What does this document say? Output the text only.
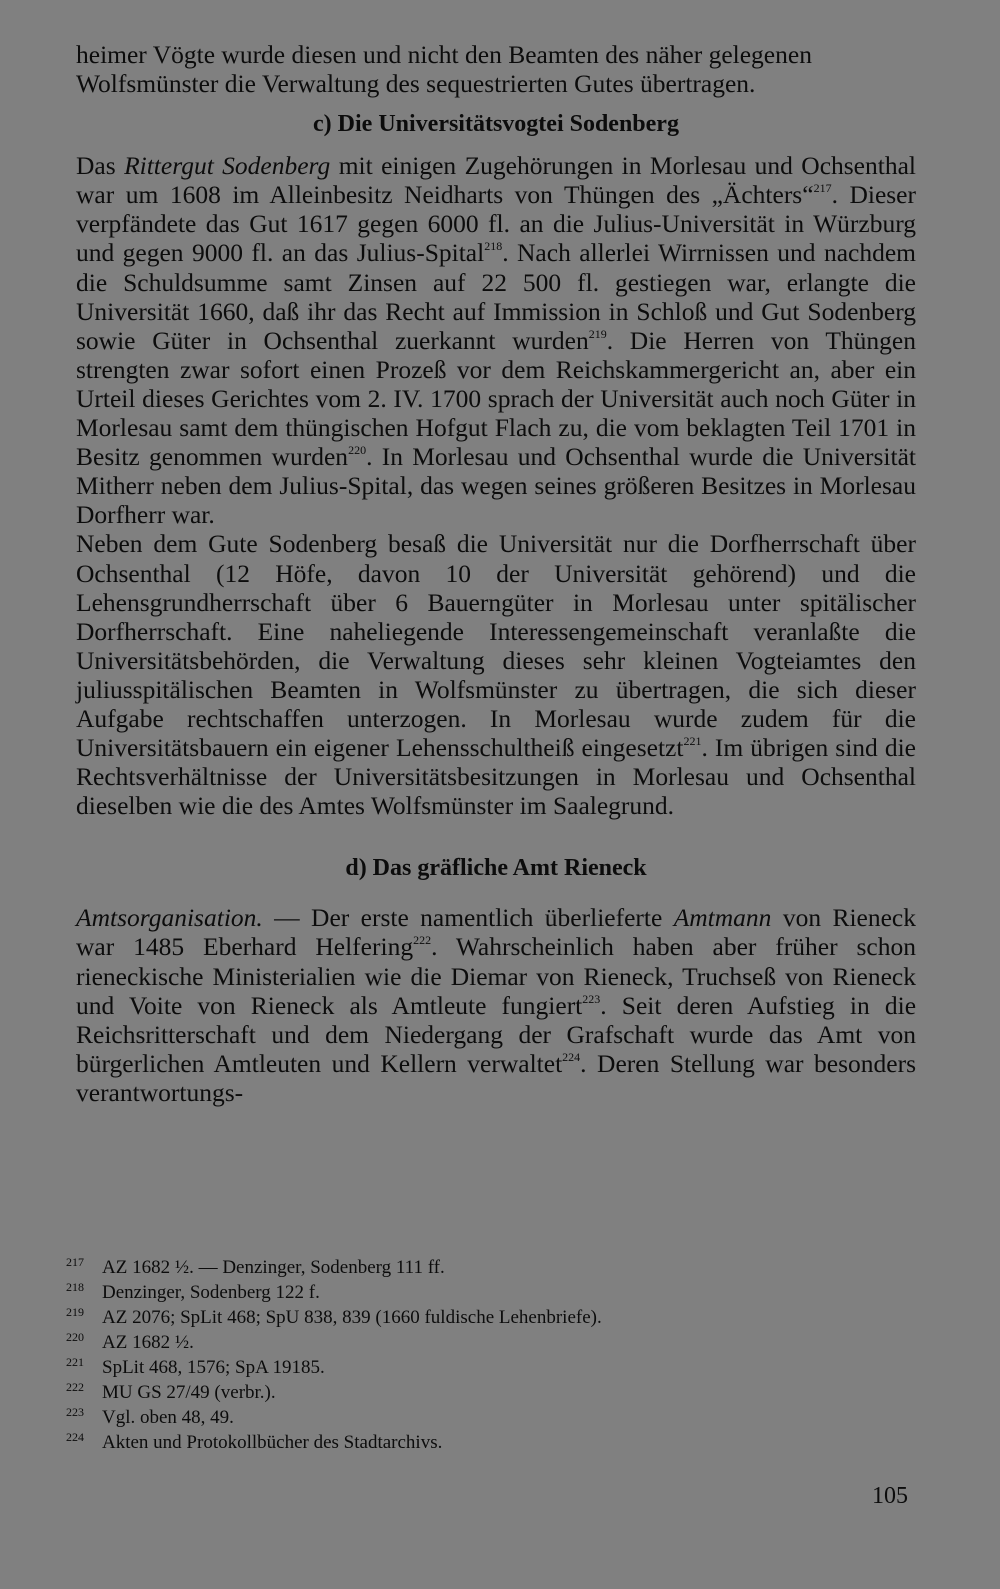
heimer Vögte wurde diesen und nicht den Beamten des näher gelegenen Wolfsmünster die Verwaltung des sequestrierten Gutes übertragen.

c) Die Universitätsvogtei Sodenberg

Das Rittergut Sodenberg mit einigen Zugehörungen in Morlesau und Ochsenthal war um 1608 im Alleinbesitz Neidharts von Thüngen des „Ächters“$^{217}$. Dieser verpfändete das Gut 1617 gegen 6000 fl. an die Julius-Universität in Würzburg und gegen 9000 fl. an das Julius-Spital$^{218}$. Nach allerlei Wirrnissen und nachdem die Schuldsumme samt Zinsen auf 22 500 fl. gestiegen war, erlangte die Universität 1660, daß ihr das Recht auf Immission in Schloß und Gut Sodenberg sowie Güter in Ochsenthal zuerkannt wurden$^{219}$. Die Herren von Thüngen strengten zwar sofort einen Prozeß vor dem Reichskammergericht an, aber ein Urteil dieses Gerichtes vom 2. IV. 1700 sprach der Universität auch noch Güter in Morlesau samt dem thüngischen Hofgut Flach zu, die vom beklagten Teil 1701 in Besitz genommen wurden$^{220}$. In Morlesau und Ochsenthal wurde die Universität Mitherr neben dem Julius-Spital, das wegen seines größeren Besitzes in Morlesau Dorfherr war.

Neben dem Gute Sodenberg besaß die Universität nur die Dorfherrschaft über Ochsenthal (12 Höfe, davon 10 der Universität gehörend) und die Lehensgrundherrschaft über 6 Bauerngüter in Morlesau unter spitälischer Dorfherrschaft. Eine naheliegende Interessengemeinschaft veranlaßte die Universitätsbehörden, die Verwaltung dieses sehr kleinen Vogteiamtes den juliusspitälischen Beamten in Wolfsmünster zu übertragen, die sich dieser Aufgabe rechtschaffen unterzogen. In Morlesau wurde zudem für die Universitätsbauern ein eigener Lehensschultheiß eingesetzt$^{221}$. Im übrigen sind die Rechtsverhältnisse der Universitätsbesitzungen in Morlesau und Ochsenthal dieselben wie die des Amtes Wolfsmünster im Saalegrund.

d) Das gräfliche Amt Rieneck

Amtsorganisation. — Der erste namentlich überlieferte Amtmann von Rieneck war 1485 Eberhard Helfering$^{222}$. Wahrscheinlich haben aber früher schon rieneckische Ministerialien wie die Diemar von Rieneck, Truchseß von Rieneck und Voite von Rieneck als Amtleute fungiert$^{223}$. Seit deren Aufstieg in die Reichsritterschaft und dem Niedergang der Grafschaft wurde das Amt von bürgerlichen Amtleuten und Kellern verwaltet$^{224}$. Deren Stellung war besonders verantwortungs-

217 AZ 1682 ½. — Denzinger, Sodenberg 111 ff.
218 Denzinger, Sodenberg 122 f.
219 AZ 2076; SpLit 468; SpU 838, 839 (1660 fuldische Lehenbriefe).
220 AZ 1682 ½.
221 SpLit 468, 1576; SpA 19185.
222 MU GS 27/49 (verbr.).
223 Vgl. oben 48, 49.
224 Akten und Protokollbücher des Stadtarchivs.
105
